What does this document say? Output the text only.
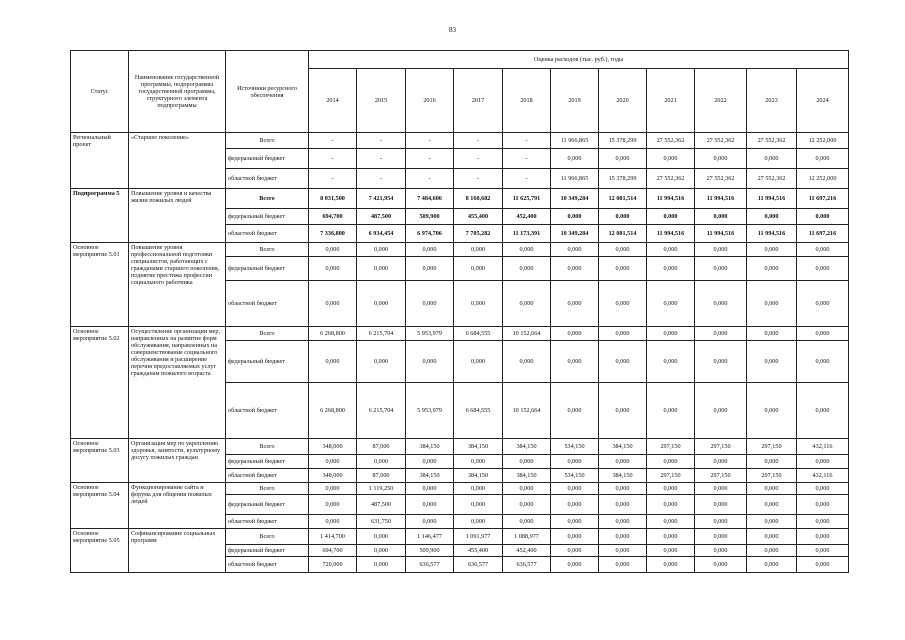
83
Статус	Наименование государственной программы, подпрограммы государственной программы, структурного элемента подпрограммы	Источники ресурсного обеспечения	Оценка расходов (тыс. руб.), годы										
			2014	2015	2016	2017	2018	2019	2020	2021	2022	2023	2024
Региональный проект	«Старшее поколение»	Всего	-	-	-	-	-	11 966,865	15 378,299	27 552,362	27 552,362	27 552,362	12 252,000
		федеральный бюджет	-	-	-	-	-	0,000	0,000	0,000	0,000	0,000	0,000
		областной бюджет	-	-	-	-	-	11 966,865	15 378,299	27 552,362	27 552,362	27 552,362	12 252,000
Подпрограмма 5	Повышение уровня и качества жизни пожилых людей	Всего	8 031,500	7 421,954	7 484,606	8 160,682	11 625,791	10 349,284	12 081,514	11 994,516	11 994,516	11 994,516	11 697,216
		федеральный бюджет	694,700	487,500	509,900	455,400	452,400	0,000	0,000	0,000	0,000	0,000	0,000
		областной бюджет	7 336,800	6 934,454	6 974,706	7 705,282	11 173,391	10 349,284	12 081,514	11 994,516	11 994,516	11 994,516	11 697,216
Основное мероприятие 5.01	Повышение уровня профессиональной подготовки специалистов, работающих с гражданами старшего поколения, поднятие престижа профессии социального работника	Всего	0,000	0,000	0,000	0,000	0,000	0,000	0,000	0,000	0,000	0,000	0,000
		федеральный бюджет	0,000	0,000	0,000	0,000	0,000	0,000	0,000	0,000	0,000	0,000	0,000
		областной бюджет	0,000	0,000	0,000	0,000	0,000	0,000	0,000	0,000	0,000	0,000	0,000
Основное мероприятие 5.02	Осуществление организации мер, направленных на развитие форм обслуживания, направленных на совершенствование социального обслуживания и расширение перечня предоставляемых услуг гражданам пожилого возраста	Всего	6 268,800	6 215,704	5 953,979	6 684,555	10 152,664	0,000	0,000	0,000	0,000	0,000	0,000
		федеральный бюджет	0,000	0,000	0,000	0,000	0,000	0,000	0,000	0,000	0,000	0,000	0,000
		областной бюджет	6 268,800	6 215,704	5 953,979	6 684,555	10 152,664	0,000	0,000	0,000	0,000	0,000	0,000
Основное мероприятие 5.03	Организация мер по укреплению здоровья, занятости, культурному досугу пожилых граждан	Всего	348,000	87,000	384,150	384,150	384,150	534,150	384,150	297,150	297,150	297,150	432,116
		федеральный бюджет	0,000	0,000	0,000	0,000	0,000	0,000	0,000	0,000	0,000	0,000	0,000
		областной бюджет	348,000	87,000	384,150	384,150	384,150	534,150	384,150	297,150	297,150	297,150	432,116
Основное мероприятие 5.04	Функционирование сайта и форума для общения пожилых людей	Всего	0,000	1 119,250	0,000	0,000	0,000	0,000	0,000	0,000	0,000	0,000	0,000
		федеральный бюджет	0,000	487,500	0,000	0,000	0,000	0,000	0,000	0,000	0,000	0,000	0,000
		областной бюджет	0,000	631,750	0,000	0,000	0,000	0,000	0,000	0,000	0,000	0,000	0,000
Основное мероприятие 5.05	Софинансирование социальных программ	Всего	1 414,700	0,000	1 146,477	1 091,977	1 088,977	0,000	0,000	0,000	0,000	0,000	0,000
		федеральный бюджет	694,700	0,000	509,900	455,400	452,400	0,000	0,000	0,000	0,000	0,000	0,000
		областной бюджет	720,000	0,000	636,577	636,577	636,577	0,000	0,000	0,000	0,000	0,000	0,000
